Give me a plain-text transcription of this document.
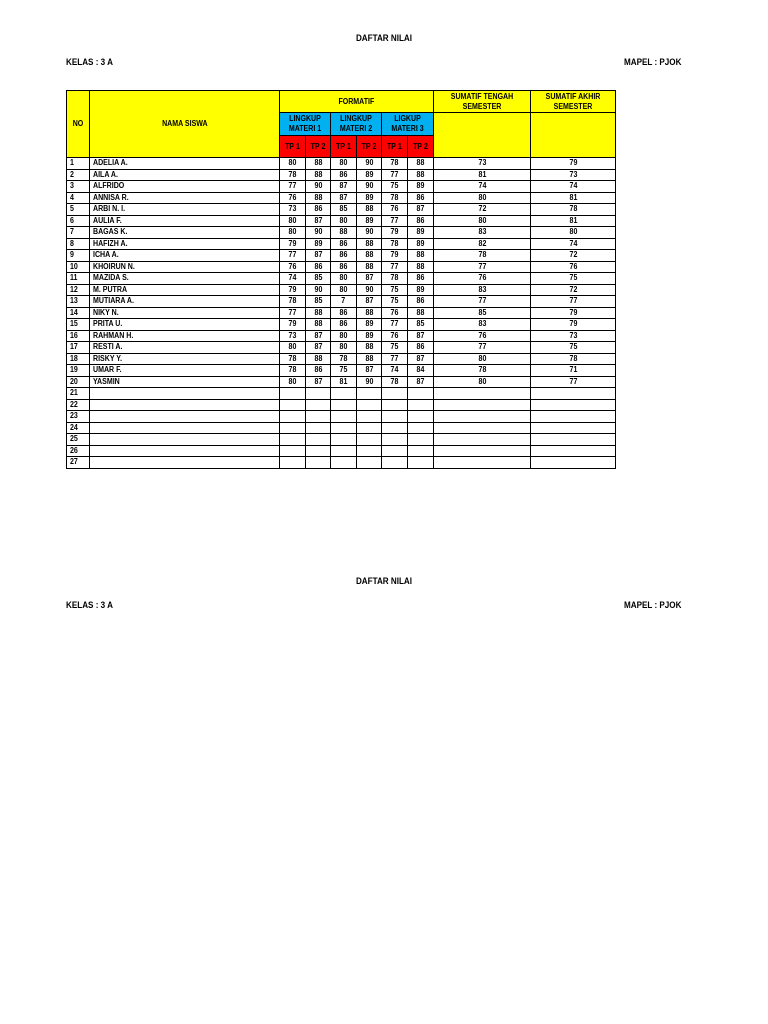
DAFTAR NILAI
KELAS : 3 A	MAPEL : PJOK
NO	NAMA SISWA	FORMATIF						SUMATIF TENGAH SEMESTER	SUMATIF AKHIR SEMESTER

		LINGKUP MATERI 1		LINGKUP MATERI 2		LIGKUP MATERI 3			

		TP 1	TP 2	TP 1	TP 2	TP 1	TP 2		

1	ADELIA A.	80	88	80	90	78	88	73	79
2	AILA A.	78	88	86	89	77	88	81	73
3	ALFRIDO	77	90	87	90	75	89	74	74
4	ANNISA R.	76	88	87	89	78	86	80	81
5	ARBI N. I.	73	86	85	88	76	87	72	78
6	AULIA F.	80	87	80	89	77	86	80	81
7	BAGAS K.	80	90	88	90	79	89	83	80
8	HAFIZH A.	79	89	86	88	78	89	82	74
9	ICHA A.	77	87	86	88	79	88	78	72
10	KHOIRUN N.	76	86	86	88	77	88	77	76
11	MAZIDA S.	74	85	80	87	78	86	76	75
12	M. PUTRA	79	90	80	90	75	89	83	72
13	MUTIARA A.	78	85	7	87	75	86	77	77
14	NIKY N.	77	88	86	88	76	88	85	79
15	PRITA U.	79	88	86	89	77	85	83	79
16	RAHMAN H.	73	87	80	89	76	87	76	73
17	RESTI A.	80	87	80	88	75	86	77	75
18	RISKY Y.	78	88	78	88	77	87	80	78
19	UMAR F.	78	86	75	87	74	84	78	71
20	YASMIN	80	87	81	90	78	87	80	77
21									
22									
23									
24									
25									
26									
27									
DAFTAR NILAI
KELAS : 3 A	MAPEL : PJOK
